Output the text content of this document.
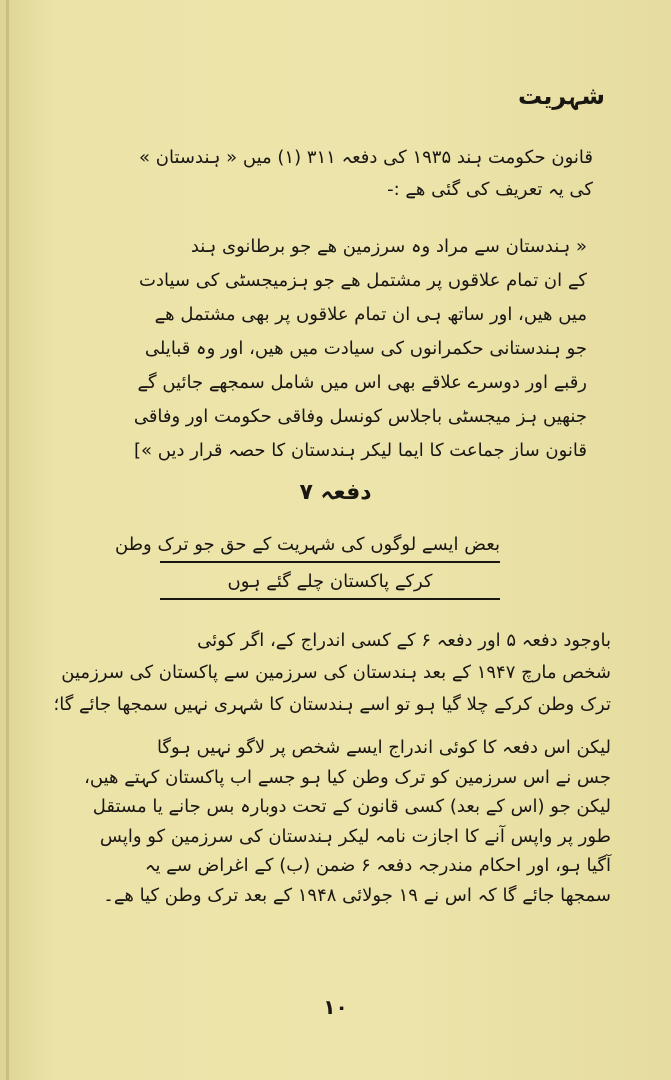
شہریت

قانون حکومت ہند ۱۹۳۵ کی دفعہ ۳۱۱ (۱) میں « ہندستان »
کی یہ تعریف کی گئی ھے :-

« ہندستان سے مراد وہ سرزمین ھے جو برطانوی ہند
کے ان تمام علاقوں پر مشتمل ھے جو ہزمیجسٹی کی سیادت
میں ھیں، اور ساتھ ہی ان تمام علاقوں پر بھی مشتمل ھے
جو ہندستانی حکمرانوں کی سیادت میں ھیں، اور وہ قبایلی
رقبے اور دوسرے علاقے بھی اس میں شامل سمجھے جائیں گے
جنھیں ہز میجسٹی باجلاس کونسل وفاقی حکومت اور وفاقی
قانون ساز جماعت کا ایما لیکر ہندستان کا حصہ قرار دیں »]

دفعہ ۷
بعض ایسے لوگوں کی شہریت کے حق جو ترک وطن
کرکے پاکستان چلے گئے ہوں

باوجود دفعہ ۵ اور دفعہ ۶ کے کسی اندراج کے، اگر کوئی
شخص مارچ ۱۹۴۷ کے بعد ہندستان کی سرزمین سے پاکستان کی سرزمین
ترک وطن کرکے چلا گیا ہو تو اسے ہندستان کا شہری نہیں سمجھا جائے گا؛

لیکن اس دفعہ کا کوئی اندراج ایسے شخص پر لاگو نہیں ہوگا
جس نے اس سرزمین کو ترک وطن کیا ہو جسے اب پاکستان کہتے ھیں،
لیکن جو (اس کے بعد) کسی قانون کے تحت دوبارہ بس جانے یا مستقل
طور پر واپس آنے کا اجازت نامہ لیکر ہندستان کی سرزمین کو واپس
آگیا ہو، اور احکام مندرجہ دفعہ ۶ ضمن (ب) کے اغراض سے یہ
سمجھا جائے گا کہ اس نے ۱۹ جولائی ۱۹۴۸ کے بعد ترک وطن کیا ھے۔

۱۰
